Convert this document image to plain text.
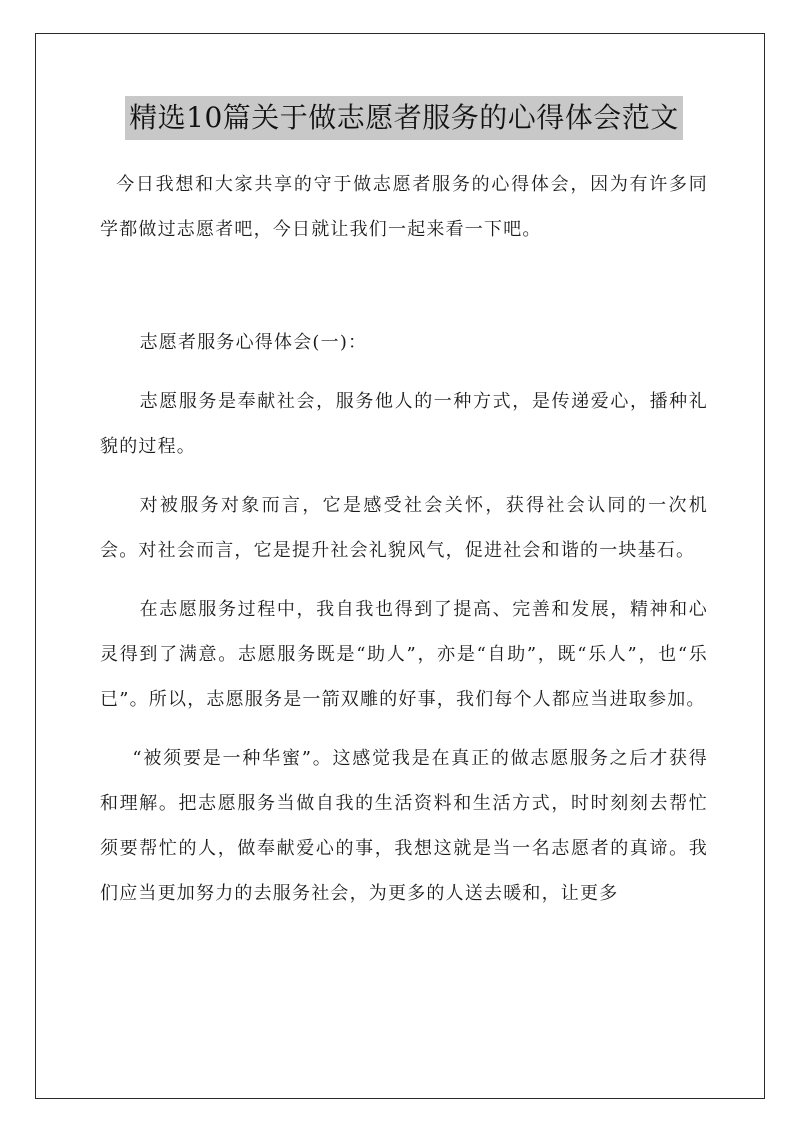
精选10篇关于做志愿者服务的心得体会范文

今日我想和大家共享的守于做志愿者服务的心得体会，因为有许多同学都做过志愿者吧，今日就让我们一起来看一下吧。

志愿者服务心得体会(一)：

志愿服务是奉献社会，服务他人的一种方式，是传递爱心，播种礼貌的过程。

对被服务对象而言，它是感受社会关怀，获得社会认同的一次机会。对社会而言，它是提升社会礼貌风气，促进社会和谐的一块基石。

在志愿服务过程中，我自我也得到了提高、完善和发展，精神和心灵得到了满意。志愿服务既是“助人”，亦是“自助”，既“乐人”，也“乐已”。所以，志愿服务是一箭双雕的好事，我们每个人都应当进取参加。

“被须要是一种华蜜”。这感觉我是在真正的做志愿服务之后才获得和理解。把志愿服务当做自我的生活资料和生活方式，时时刻刻去帮忙须要帮忙的人，做奉献爱心的事，我想这就是当一名志愿者的真谛。我们应当更加努力的去服务社会，为更多的人送去暖和，让更多
